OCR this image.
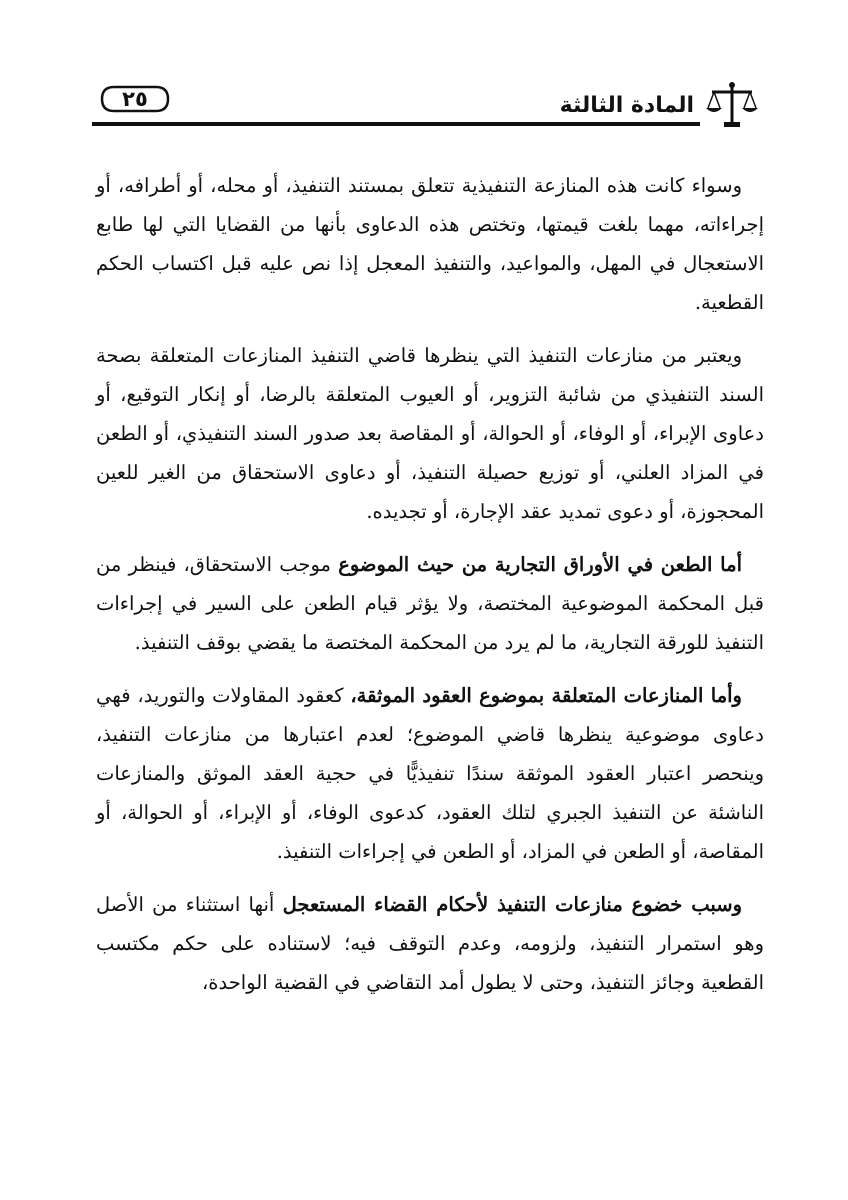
المادة الثالثة
٢٥

وسواء كانت هذه المنازعة التنفيذية تتعلق بمستند التنفيذ، أو محله، أو أطرافه، أو إجراءاته، مهما بلغت قيمتها، وتختص هذه الدعاوى بأنها من القضايا التي لها طابع الاستعجال في المهل، والمواعيد، والتنفيذ المعجل إذا نص عليه قبل اكتساب الحكم القطعية.

ويعتبر من منازعات التنفيذ التي ينظرها قاضي التنفيذ المنازعات المتعلقة بصحة السند التنفيذي من شائبة التزوير، أو العيوب المتعلقة بالرضا، أو إنكار التوقيع، أو دعاوى الإبراء، أو الوفاء، أو الحوالة، أو المقاصة بعد صدور السند التنفيذي، أو الطعن في المزاد العلني، أو توزيع حصيلة التنفيذ، أو دعاوى الاستحقاق من الغير للعين المحجوزة، أو دعوى تمديد عقد الإجارة، أو تجديده.

أما الطعن في الأوراق التجارية من حيث الموضوع موجب الاستحقاق، فينظر من قبل المحكمة الموضوعية المختصة، ولا يؤثر قيام الطعن على السير في إجراءات التنفيذ للورقة التجارية، ما لم يرد من المحكمة المختصة ما يقضي بوقف التنفيذ.

وأما المنازعات المتعلقة بموضوع العقود الموثقة، كعقود المقاولات والتوريد، فهي دعاوى موضوعية ينظرها قاضي الموضوع؛ لعدم اعتبارها من منازعات التنفيذ، وينحصر اعتبار العقود الموثقة سندًا تنفيذيًّا في حجية العقد الموثق والمنازعات الناشئة عن التنفيذ الجبري لتلك العقود، كدعوى الوفاء، أو الإبراء، أو الحوالة، أو المقاصة، أو الطعن في المزاد، أو الطعن في إجراءات التنفيذ.

وسبب خضوع منازعات التنفيذ لأحكام القضاء المستعجل أنها استثناء من الأصل وهو استمرار التنفيذ، ولزومه، وعدم التوقف فيه؛ لاستناده على حكم مكتسب القطعية وجائز التنفيذ، وحتى لا يطول أمد التقاضي في القضية الواحدة،
